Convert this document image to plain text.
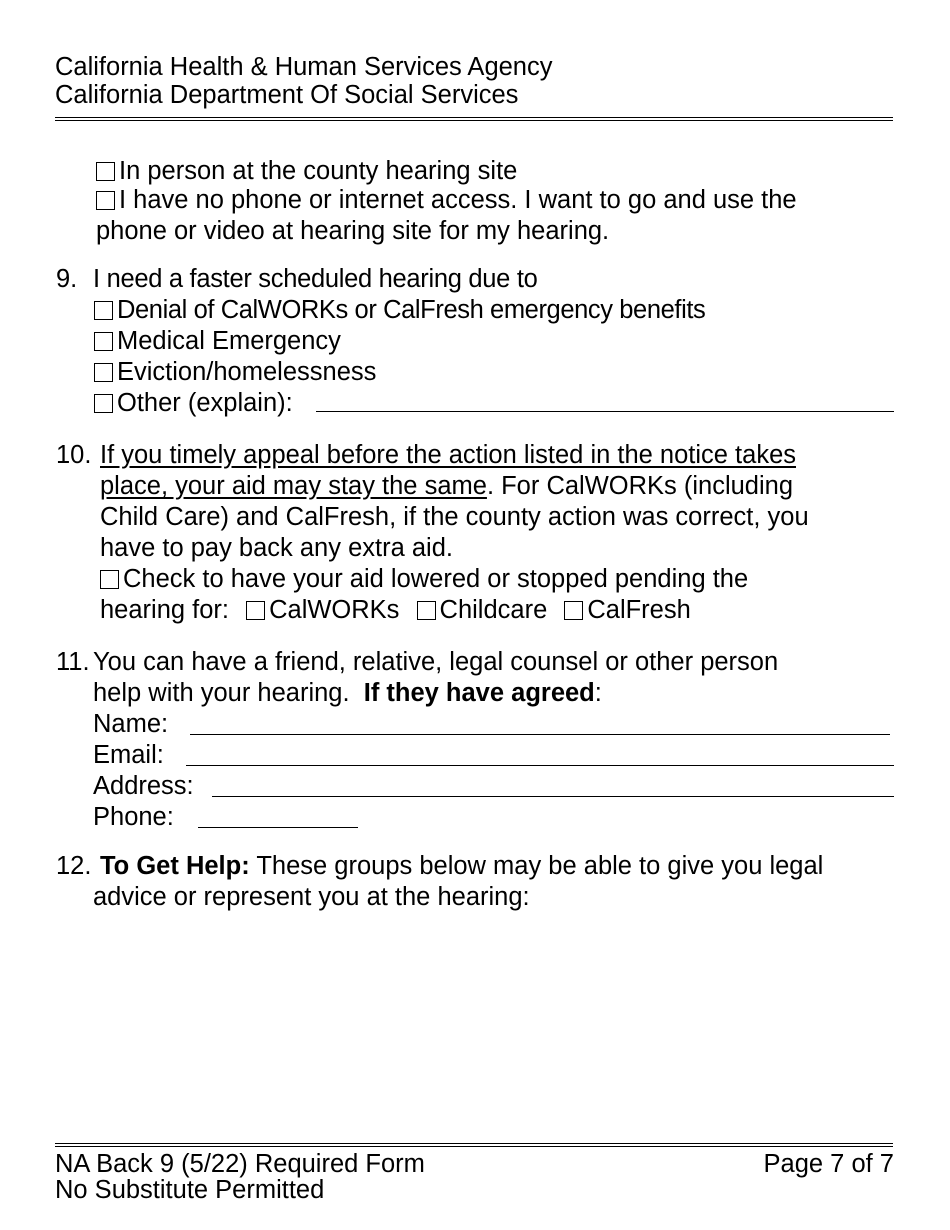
California Health & Human Services Agency
California Department Of Social Services
In person at the county hearing site
I have no phone or internet access. I want to go and use the
phone or video at hearing site for my hearing.
9. I need a faster scheduled hearing due to
Denial of CalWORKs or CalFresh emergency benefits
Medical Emergency
Eviction/homelessness
Other (explain):
10. If you timely appeal before the action listed in the notice takes
place, your aid may stay the same. For CalWORKs (including
Child Care) and CalFresh, if the county action was correct, you
have to pay back any extra aid.
Check to have your aid lowered or stopped pending the
hearing for: CalWORKs Childcare CalFresh
11. You can have a friend, relative, legal counsel or other person
help with your hearing.  If they have agreed:
Name:
Email:
Address:
Phone:
12. To Get Help: These groups below may be able to give you legal
advice or represent you at the hearing:
NA Back 9 (5/22) Required Form
No Substitute Permitted
Page 7 of 7
